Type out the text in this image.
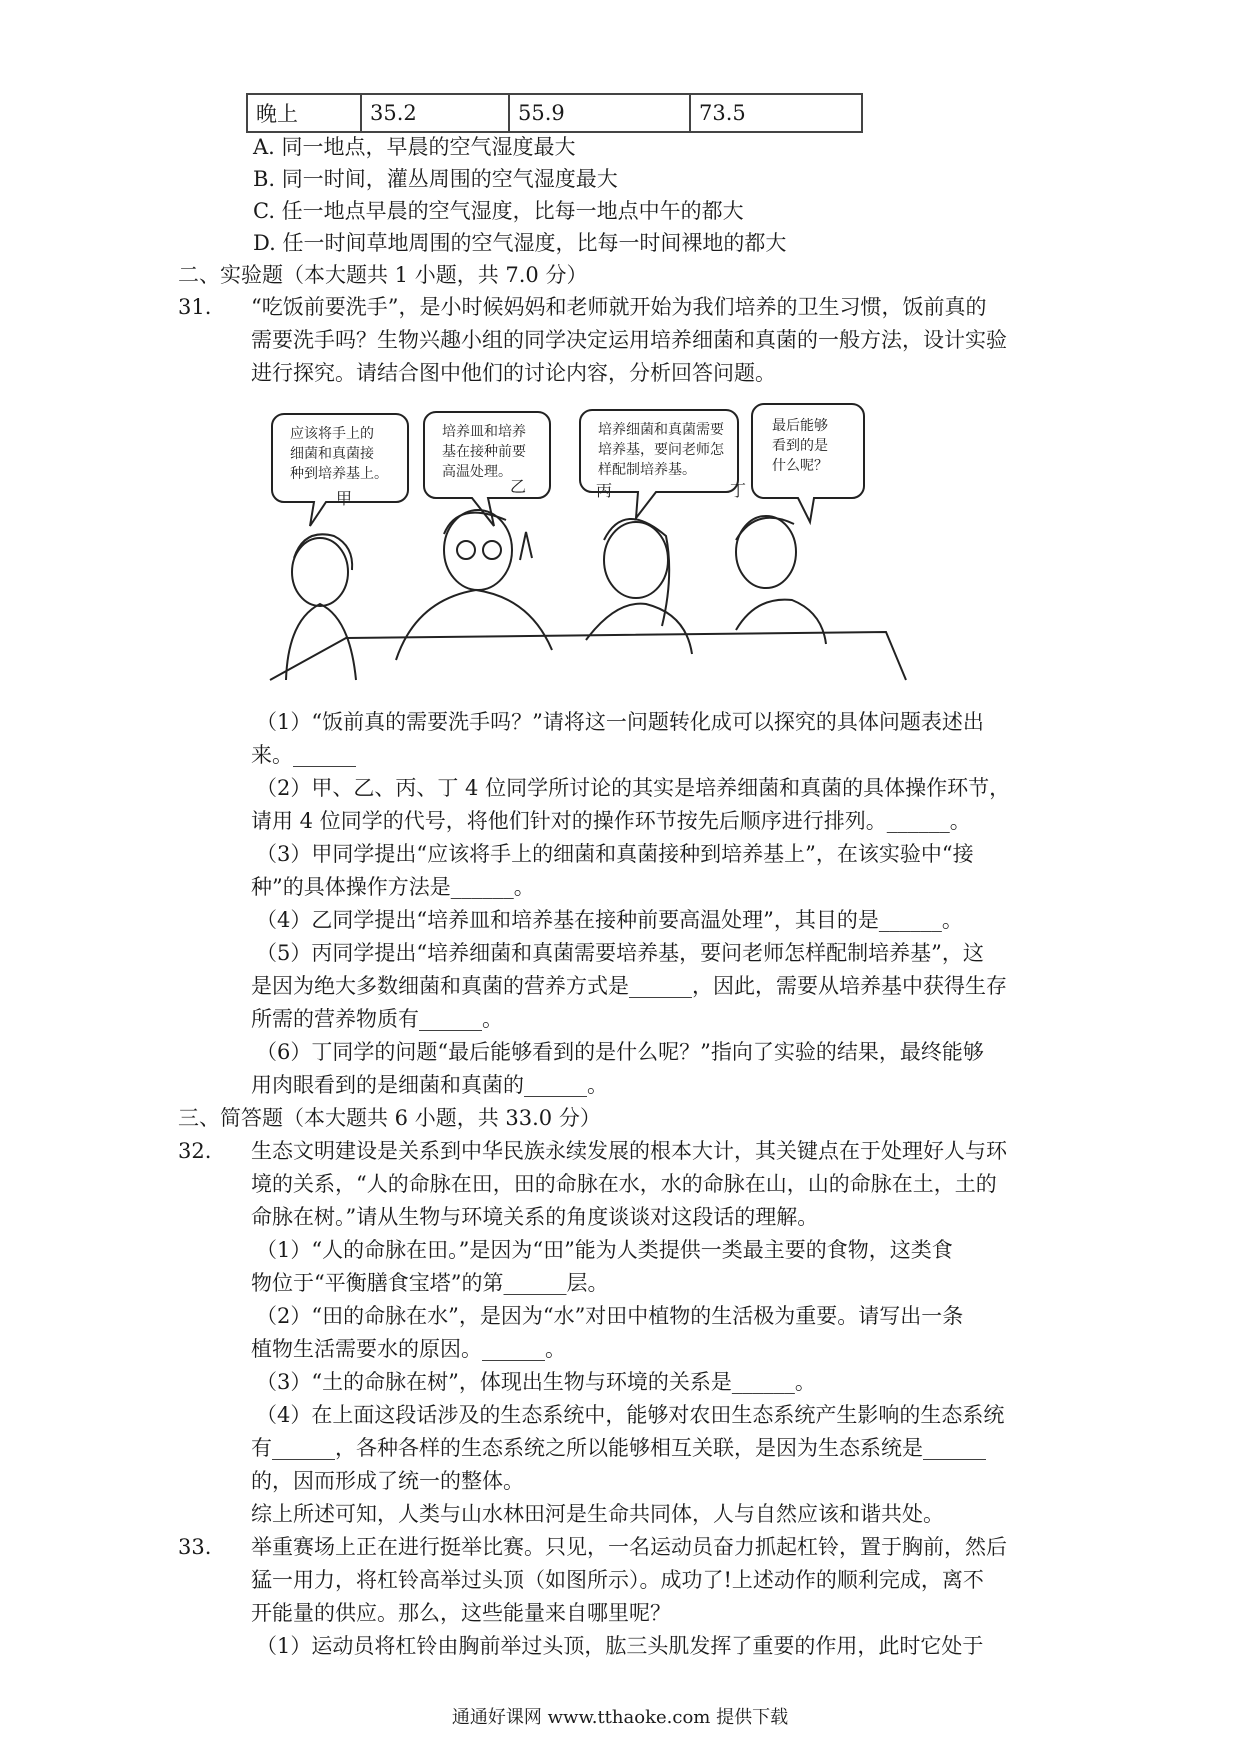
晚上	35.2	55.9	73.5
A. 同一地点，早晨的空气湿度最大
B. 同一时间，灌丛周围的空气湿度最大
C. 任一地点早晨的空气湿度，比每一地点中午的都大
D. 任一时间草地周围的空气湿度，比每一时间裸地的都大
二、实验题（本大题共 1 小题，共 7.0 分）
31. “吃饭前要洗手”，是小时候妈妈和老师就开始为我们培养的卫生习惯，饭前真的
需要洗手吗？生物兴趣小组的同学决定运用培养细菌和真菌的一般方法，设计实验
进行探究。请结合图中他们的讨论内容，分析回答问题。
应该将手上的
细菌和真菌接
种到培养基上。
培养皿和培养
基在接种前要
高温处理。
培养细菌和真菌需要
培养基，要问老师怎
样配制培养基。
最后能够
看到的是
什么呢？
甲
乙	丙	丁
（1）“饭前真的需要洗手吗？”请将这一问题转化成可以探究的具体问题表述出
来。______
（2）甲、乙、丙、丁 4 位同学所讨论的其实是培养细菌和真菌的具体操作环节，
请用 4 位同学的代号，将他们针对的操作环节按先后顺序进行排列。______。
（3）甲同学提出“应该将手上的细菌和真菌接种到培养基上”，在该实验中“接
种”的具体操作方法是______。
（4）乙同学提出“培养皿和培养基在接种前要高温处理”，其目的是______。
（5）丙同学提出“培养细菌和真菌需要培养基，要问老师怎样配制培养基”，这
是因为绝大多数细菌和真菌的营养方式是______，因此，需要从培养基中获得生存
所需的营养物质有______。
（6）丁同学的问题“最后能够看到的是什么呢？”指向了实验的结果，最终能够
用肉眼看到的是细菌和真菌的______。
三、简答题（本大题共 6 小题，共 33.0 分）
32. 生态文明建设是关系到中华民族永续发展的根本大计，其关键点在于处理好人与环
境的关系，“人的命脉在田，田的命脉在水，水的命脉在山，山的命脉在土，土的
命脉在树。”请从生物与环境关系的角度谈谈对这段话的理解。
（1）“人的命脉在田。”是因为“田”能为人类提供一类最主要的食物，这类食
物位于“平衡膳食宝塔”的第______层。
（2）“田的命脉在水”，是因为“水”对田中植物的生活极为重要。请写出一条
植物生活需要水的原因。______。
（3）“土的命脉在树”，体现出生物与环境的关系是______。
（4）在上面这段话涉及的生态系统中，能够对农田生态系统产生影响的生态系统
有______，各种各样的生态系统之所以能够相互关联，是因为生态系统是______
的，因而形成了统一的整体。
综上所述可知，人类与山水林田河是生命共同体，人与自然应该和谐共处。
33. 举重赛场上正在进行挺举比赛。只见，一名运动员奋力抓起杠铃，置于胸前，然后
猛一用力，将杠铃高举过头顶（如图所示）。成功了!上述动作的顺利完成，离不
开能量的供应。那么，这些能量来自哪里呢？
（1）运动员将杠铃由胸前举过头顶，肱三头肌发挥了重要的作用，此时它处于
通通好课网 www.tthaoke.com 提供下载
